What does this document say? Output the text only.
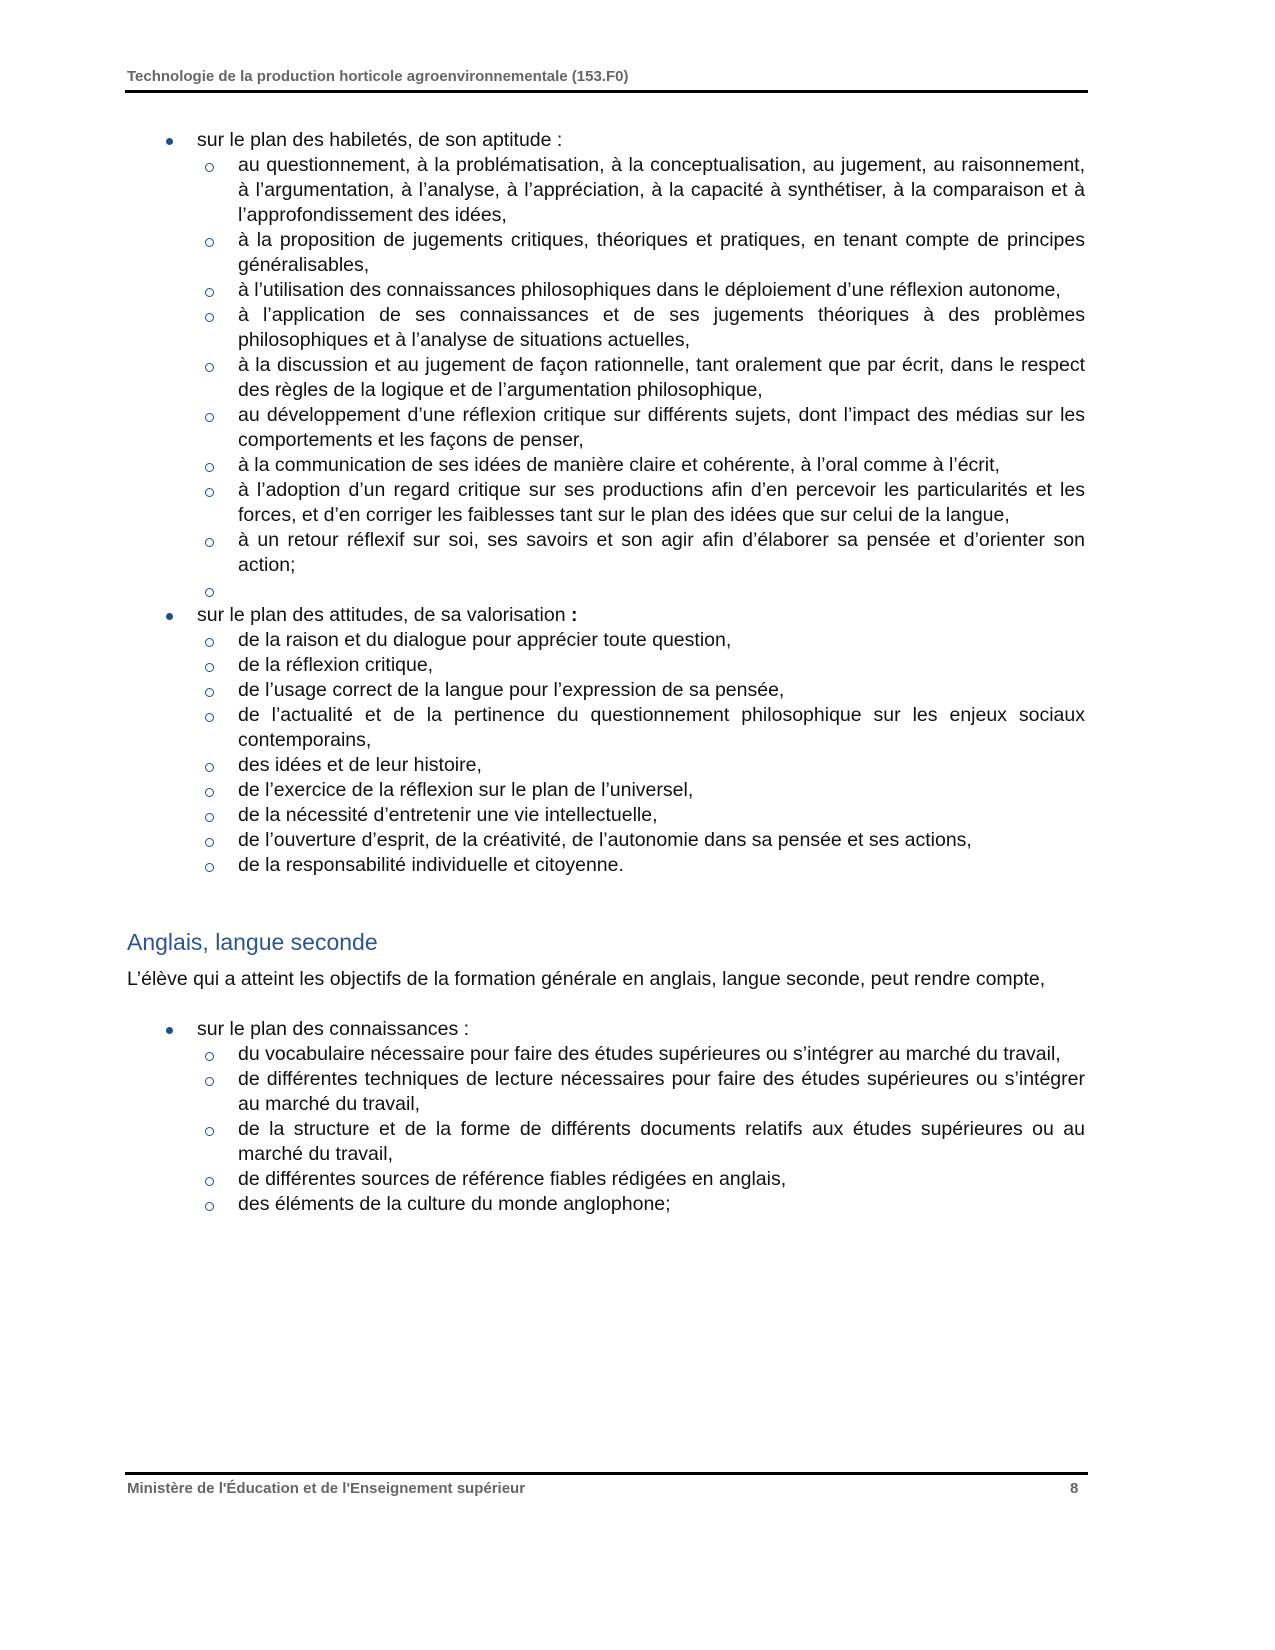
Technologie de la production horticole agroenvironnementale (153.F0)
sur le plan des habiletés, de son aptitude :
au questionnement, à la problématisation, à la conceptualisation, au jugement, au raisonnement, à l’argumentation, à l’analyse, à l’appréciation, à la capacité à synthétiser, à la comparaison et à l’approfondissement des idées,
à la proposition de jugements critiques, théoriques et pratiques, en tenant compte de principes généralisables,
à l’utilisation des connaissances philosophiques dans le déploiement d’une réflexion autonome,
à l’application de ses connaissances et de ses jugements théoriques à des problèmes philosophiques et à l’analyse de situations actuelles,
à la discussion et au jugement de façon rationnelle, tant oralement que par écrit, dans le respect des règles de la logique et de l’argumentation philosophique,
au développement d’une réflexion critique sur différents sujets, dont l’impact des médias sur les comportements et les façons de penser,
à la communication de ses idées de manière claire et cohérente, à l’oral comme à l’écrit,
à l’adoption d’un regard critique sur ses productions afin d’en percevoir les particularités et les forces, et d’en corriger les faiblesses tant sur le plan des idées que sur celui de la langue,
à un retour réflexif sur soi, ses savoirs et son agir afin d’élaborer sa pensée et d’orienter son action;
sur le plan des attitudes, de sa valorisation :
de la raison et du dialogue pour apprécier toute question,
de la réflexion critique,
de l’usage correct de la langue pour l’expression de sa pensée,
de l’actualité et de la pertinence du questionnement philosophique sur les enjeux sociaux contemporains,
des idées et de leur histoire,
de l’exercice de la réflexion sur le plan de l’universel,
de la nécessité d’entretenir une vie intellectuelle,
de l’ouverture d’esprit, de la créativité, de l’autonomie dans sa pensée et ses actions,
de la responsabilité individuelle et citoyenne.
Anglais, langue seconde

L’élève qui a atteint les objectifs de la formation générale en anglais, langue seconde, peut rendre compte,

sur le plan des connaissances :
du vocabulaire nécessaire pour faire des études supérieures ou s’intégrer au marché du travail,
de différentes techniques de lecture nécessaires pour faire des études supérieures ou s’intégrer au marché du travail,
de la structure et de la forme de différents documents relatifs aux études supérieures ou au marché du travail,
de différentes sources de référence fiables rédigées en anglais,
des éléments de la culture du monde anglophone;
Ministère de l'Éducation et de l'Enseignement supérieur	8
